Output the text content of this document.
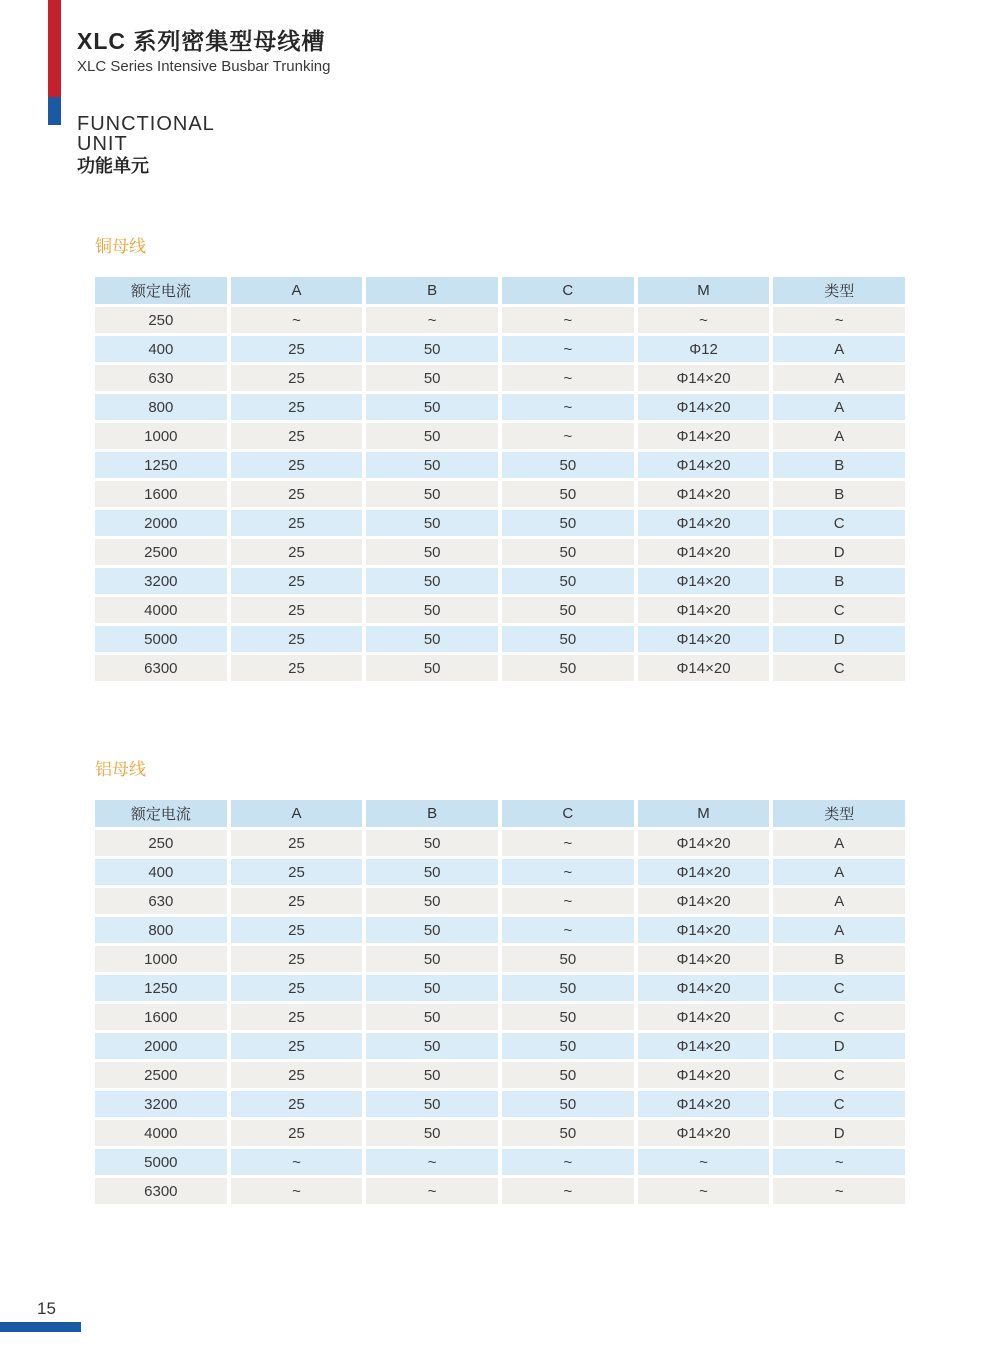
XLC 系列密集型母线槽
XLC Series Intensive Busbar Trunking
FUNCTIONAL
UNIT
功能单元
铜母线
额定电流	A	B	C	M	类型
250	~	~	~	~	~
400	25	50	~	Φ12	A
630	25	50	~	Φ14×20	A
800	25	50	~	Φ14×20	A
1000	25	50	~	Φ14×20	A
1250	25	50	50	Φ14×20	B
1600	25	50	50	Φ14×20	B
2000	25	50	50	Φ14×20	C
2500	25	50	50	Φ14×20	D
3200	25	50	50	Φ14×20	B
4000	25	50	50	Φ14×20	C
5000	25	50	50	Φ14×20	D
6300	25	50	50	Φ14×20	C
铝母线
额定电流	A	B	C	M	类型
250	25	50	~	Φ14×20	A
400	25	50	~	Φ14×20	A
630	25	50	~	Φ14×20	A
800	25	50	~	Φ14×20	A
1000	25	50	50	Φ14×20	B
1250	25	50	50	Φ14×20	C
1600	25	50	50	Φ14×20	C
2000	25	50	50	Φ14×20	D
2500	25	50	50	Φ14×20	C
3200	25	50	50	Φ14×20	C
4000	25	50	50	Φ14×20	D
5000	~	~	~	~	~
6300	~	~	~	~	~
15
